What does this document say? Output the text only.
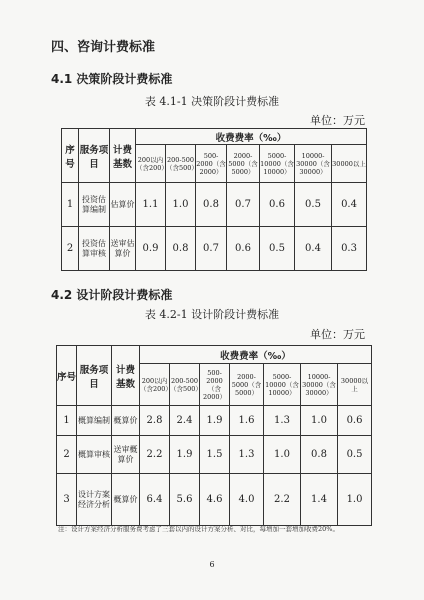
四、咨询计费标准
4.1 决策阶段计费标准
表 4.1-1 决策阶段计费标准
单位：万元
序号	服务项目	计费基数	收费费率（‰）						
			200以内（含200）	200-500（含500）	500-2000（含2000）	2000-5000（含5000）	5000-10000（含10000）	10000-30000（含30000）	30000以上
1	投资估算编制	估算价	1.1	1.0	0.8	0.7	0.6	0.5	0.4
2	投资估算审核	送审估算价	0.9	0.8	0.7	0.6	0.5	0.4	0.3
4.2 设计阶段计费标准
表 4.2-1 设计阶段计费标准
单位：万元
序号	服务项目	计费基数	收费费率（‰）						
			200以内（含200）	200-500（含500）	500-2000（含2000）	2000-5000（含5000）	5000-10000（含10000）	10000-30000（含30000）	30000以上
1	概算编制	概算价	2.8	2.4	1.9	1.6	1.3	1.0	0.6
2	概算审核	送审概算价	2.2	1.9	1.5	1.3	1.0	0.8	0.5
3	设计方案经济分析	概算价	6.4	5.6	4.6	4.0	2.2	1.4	1.0
注：设计方案经济分析服务费考虑了三套以内的设计方案分析、对比，每增加一套增加收费20%。
6
